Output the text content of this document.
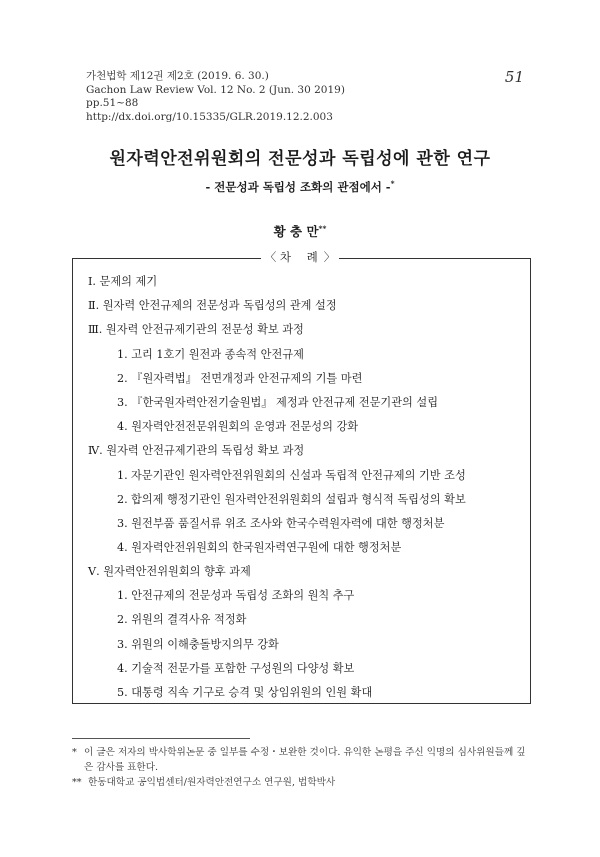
가천법학 제12권 제2호 (2019. 6. 30.)
Gachon Law Review Vol. 12 No. 2 (Jun. 30 2019)
pp.51~88
http://dx.doi.org/10.15335/GLR.2019.12.2.003
51
원자력안전위원회의 전문성과 독립성에 관한 연구
- 전문성과 독립성 조화의 관점에서 -*
황 충 만**
〈 차 례〉
Ⅰ. 문제의 제기
Ⅱ. 원자력 안전규제의 전문성과 독립성의 관계 설정
Ⅲ. 원자력 안전규제기관의 전문성 확보 과정
1. 고리 1호기 원전과 종속적 안전규제
2. 『원자력법』 전면개정과 안전규제의 기틀 마련
3. 『한국원자력안전기술원법』 제정과 안전규제 전문기관의 설립
4. 원자력안전전문위원회의 운영과 전문성의 강화
Ⅳ. 원자력 안전규제기관의 독립성 확보 과정
1. 자문기관인 원자력안전위원회의 신설과 독립적 안전규제의 기반 조성
2. 합의제 행정기관인 원자력안전위원회의 설립과 형식적 독립성의 확보
3. 원전부품 품질서류 위조 조사와 한국수력원자력에 대한 행정처분
4. 원자력안전위원회의 한국원자력연구원에 대한 행정처분
Ⅴ. 원자력안전위원회의 향후 과제
1. 안전규제의 전문성과 독립성 조화의 원칙 추구
2. 위원의 결격사유 적정화
3. 위원의 이해충돌방지의무 강화
4. 기술적 전문가를 포함한 구성원의 다양성 확보
5. 대통령 직속 기구로 승격 및 상임위원의 인원 확대
* 이 글은 저자의 박사학위논문 중 일부를 수정・보완한 것이다. 유익한 논평을 주신 익명의 심사위원들께 깊은 감사를 표한다.
** 한동대학교 공익법센터/원자력안전연구소 연구원, 법학박사
